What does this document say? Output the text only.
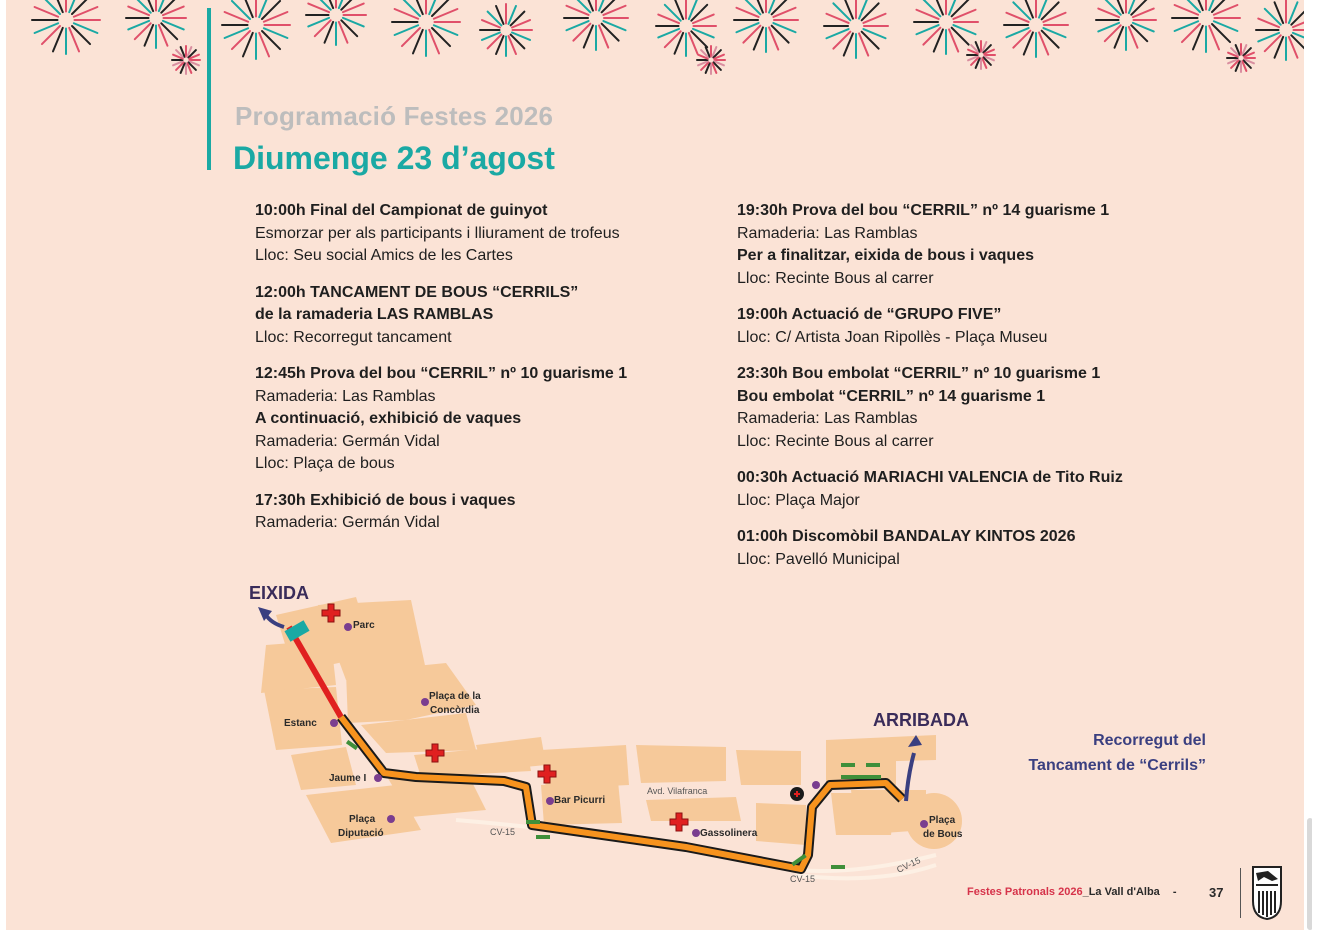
Programació Festes 2026
Diumenge 23 d’agost
10:00h Final del Campionat de guinyot
Esmorzar per als participants i lliurament de trofeus
Lloc: Seu social Amics de les Cartes
12:00h TANCAMENT DE BOUS “CERRILS”
de la ramaderia LAS RAMBLAS
Lloc: Recorregut tancament
12:45h Prova del bou “CERRIL” nº 10 guarisme 1
Ramaderia: Las Ramblas
A continuació, exhibició de vaques
Ramaderia: Germán Vidal
Lloc: Plaça de bous
17:30h Exhibició de bous i vaques
Ramaderia: Germán Vidal
19:30h Prova del bou “CERRIL” nº 14 guarisme 1
Ramaderia: Las Ramblas
Per a finalitzar, eixida de bous i vaques
Lloc: Recinte Bous al carrer
19:00h Actuació de “GRUPO FIVE”
Lloc: C/ Artista Joan Ripollès - Plaça Museu
23:30h Bou embolat “CERRIL” nº 10 guarisme 1
Bou embolat “CERRIL” nº 14 guarisme 1
Ramaderia: Las Ramblas
Lloc: Recinte Bous al carrer
00:30h Actuació MARIACHI VALENCIA de Tito Ruiz
Lloc: Plaça Major
01:00h Discomòbil BANDALAY KINTOS 2026
Lloc: Pavelló Municipal
EIXIDA
ARRIBADA
Parc
Plaça de la
Concòrdia
Estanc
Jaume I
Plaça
Diputació
Bar Picurri
Gassolinera
Plaça
de Bous
Avd. Vilafranca
CV-15
CV-15
CV-15
Recorregut del
Tancament de “Cerrils”
Festes Patronals 2026_La Vall d'Alba - 37
